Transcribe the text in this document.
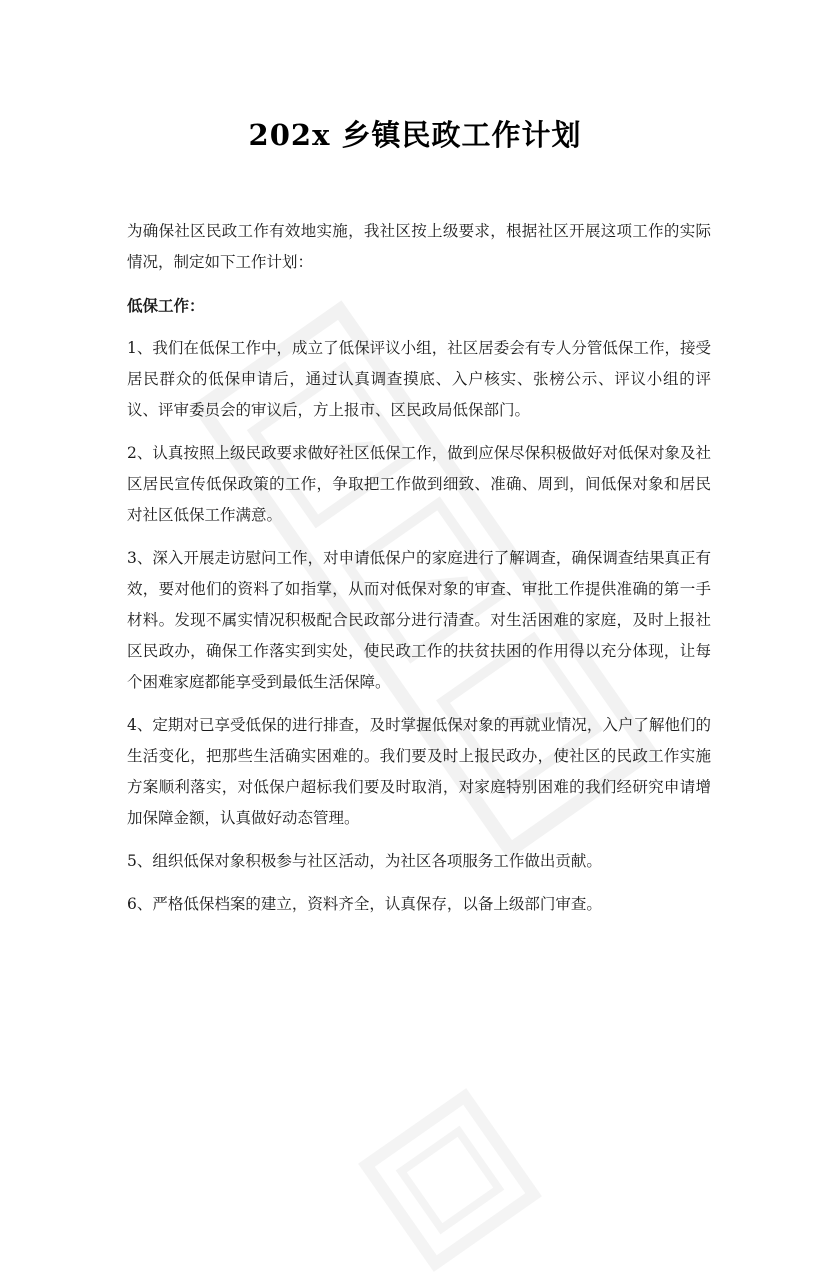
202x 乡镇民政工作计划

为确保社区民政工作有效地实施，我社区按上级要求，根据社区开展这项工作的实际情况，制定如下工作计划：

低保工作：

1、我们在低保工作中，成立了低保评议小组，社区居委会有专人分管低保工作，接受居民群众的低保申请后，通过认真调查摸底、入户核实、张榜公示、评议小组的评议、评审委员会的审议后，方上报市、区民政局低保部门。

2、认真按照上级民政要求做好社区低保工作，做到应保尽保积极做好对低保对象及社区居民宣传低保政策的工作，争取把工作做到细致、准确、周到，间低保对象和居民对社区低保工作满意。

3、深入开展走访慰问工作，对申请低保户的家庭进行了解调查，确保调查结果真正有效，要对他们的资料了如指掌，从而对低保对象的审查、审批工作提供准确的第一手材料。发现不属实情况积极配合民政部分进行清查。对生活困难的家庭，及时上报社区民政办，确保工作落实到实处，使民政工作的扶贫扶困的作用得以充分体现，让每个困难家庭都能享受到最低生活保障。

4、定期对已享受低保的进行排查，及时掌握低保对象的再就业情况，入户了解他们的生活变化，把那些生活确实困难的。我们要及时上报民政办，使社区的民政工作实施方案顺利落实，对低保户超标我们要及时取消，对家庭特别困难的我们经研究申请增加保障金额，认真做好动态管理。

5、组织低保对象积极参与社区活动，为社区各项服务工作做出贡献。

6、严格低保档案的建立，资料齐全，认真保存，以备上级部门审查。
